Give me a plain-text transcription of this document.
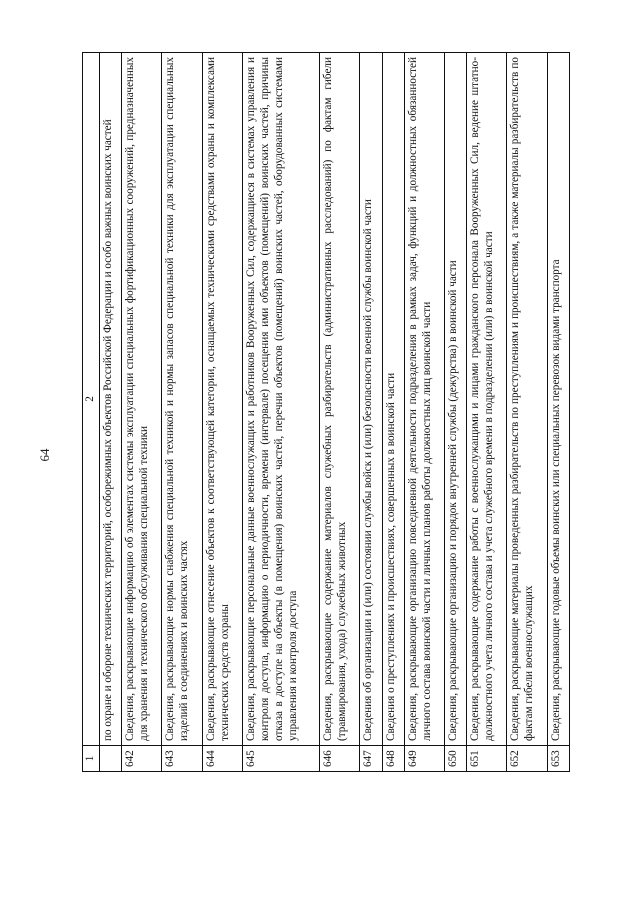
64
1	2
	по охране и обороне технических территорий, особорежимных объектов Российской Федерации и особо важных воинских частей
642	Сведения, раскрывающие информацию об элементах системы эксплуатации специальных фортификационных сооружений, предназначенных для хранения и технического обслуживания специальной техники
643	Сведения, раскрывающие нормы снабжения специальной техникой и нормы запасов специальной техники для эксплуатации специальных изделий в соединениях и воинских частях
644	Сведения, раскрывающие отнесение объектов к соответствующей категории, оснащаемых техническими средствами охраны и комплексами технических средств охраны
645	Сведения, раскрывающие персональные данные военнослужащих и работников Вооруженных Сил, содержащиеся в системах управления и контроля доступа, информацию о периодичности, времени (интервале) посещения ими объектов (помещений) воинских частей, причины отказа в доступе на объекты (в помещения) воинских частей, перечни объектов (помещений) воинских частей, оборудованных системами управления и контроля доступа
646	Сведения, раскрывающие содержание материалов служебных разбирательств (административных расследований) по фактам гибели (травмирования, ухода) служебных животных
647	Сведения об организации и (или) состоянии службы войск и (или) безопасности военной службы воинской части
648	Сведения о преступлениях и происшествиях, совершенных в воинской части
649	Сведения, раскрывающие организацию повседневной деятельности подразделения в рамках задач, функций и должностных обязанностей личного состава воинской части и личных планов работы должностных лиц воинской части
650	Сведения, раскрывающие организацию и порядок внутренней службы (дежурства) в воинской части
651	Сведения, раскрывающие содержание работы с военнослужащими и лицами гражданского персонала Вооруженных Сил, ведение штатно-должностного учета личного состава и учета служебного времени в подразделении (или) в воинской части
652	Сведения, раскрывающие материалы проведенных разбирательств по преступлениям и происшествиям, а также материалы разбирательств по фактам гибели военнослужащих
653	Сведения, раскрывающие годовые объемы воинских или специальных перевозок видами транспорта
